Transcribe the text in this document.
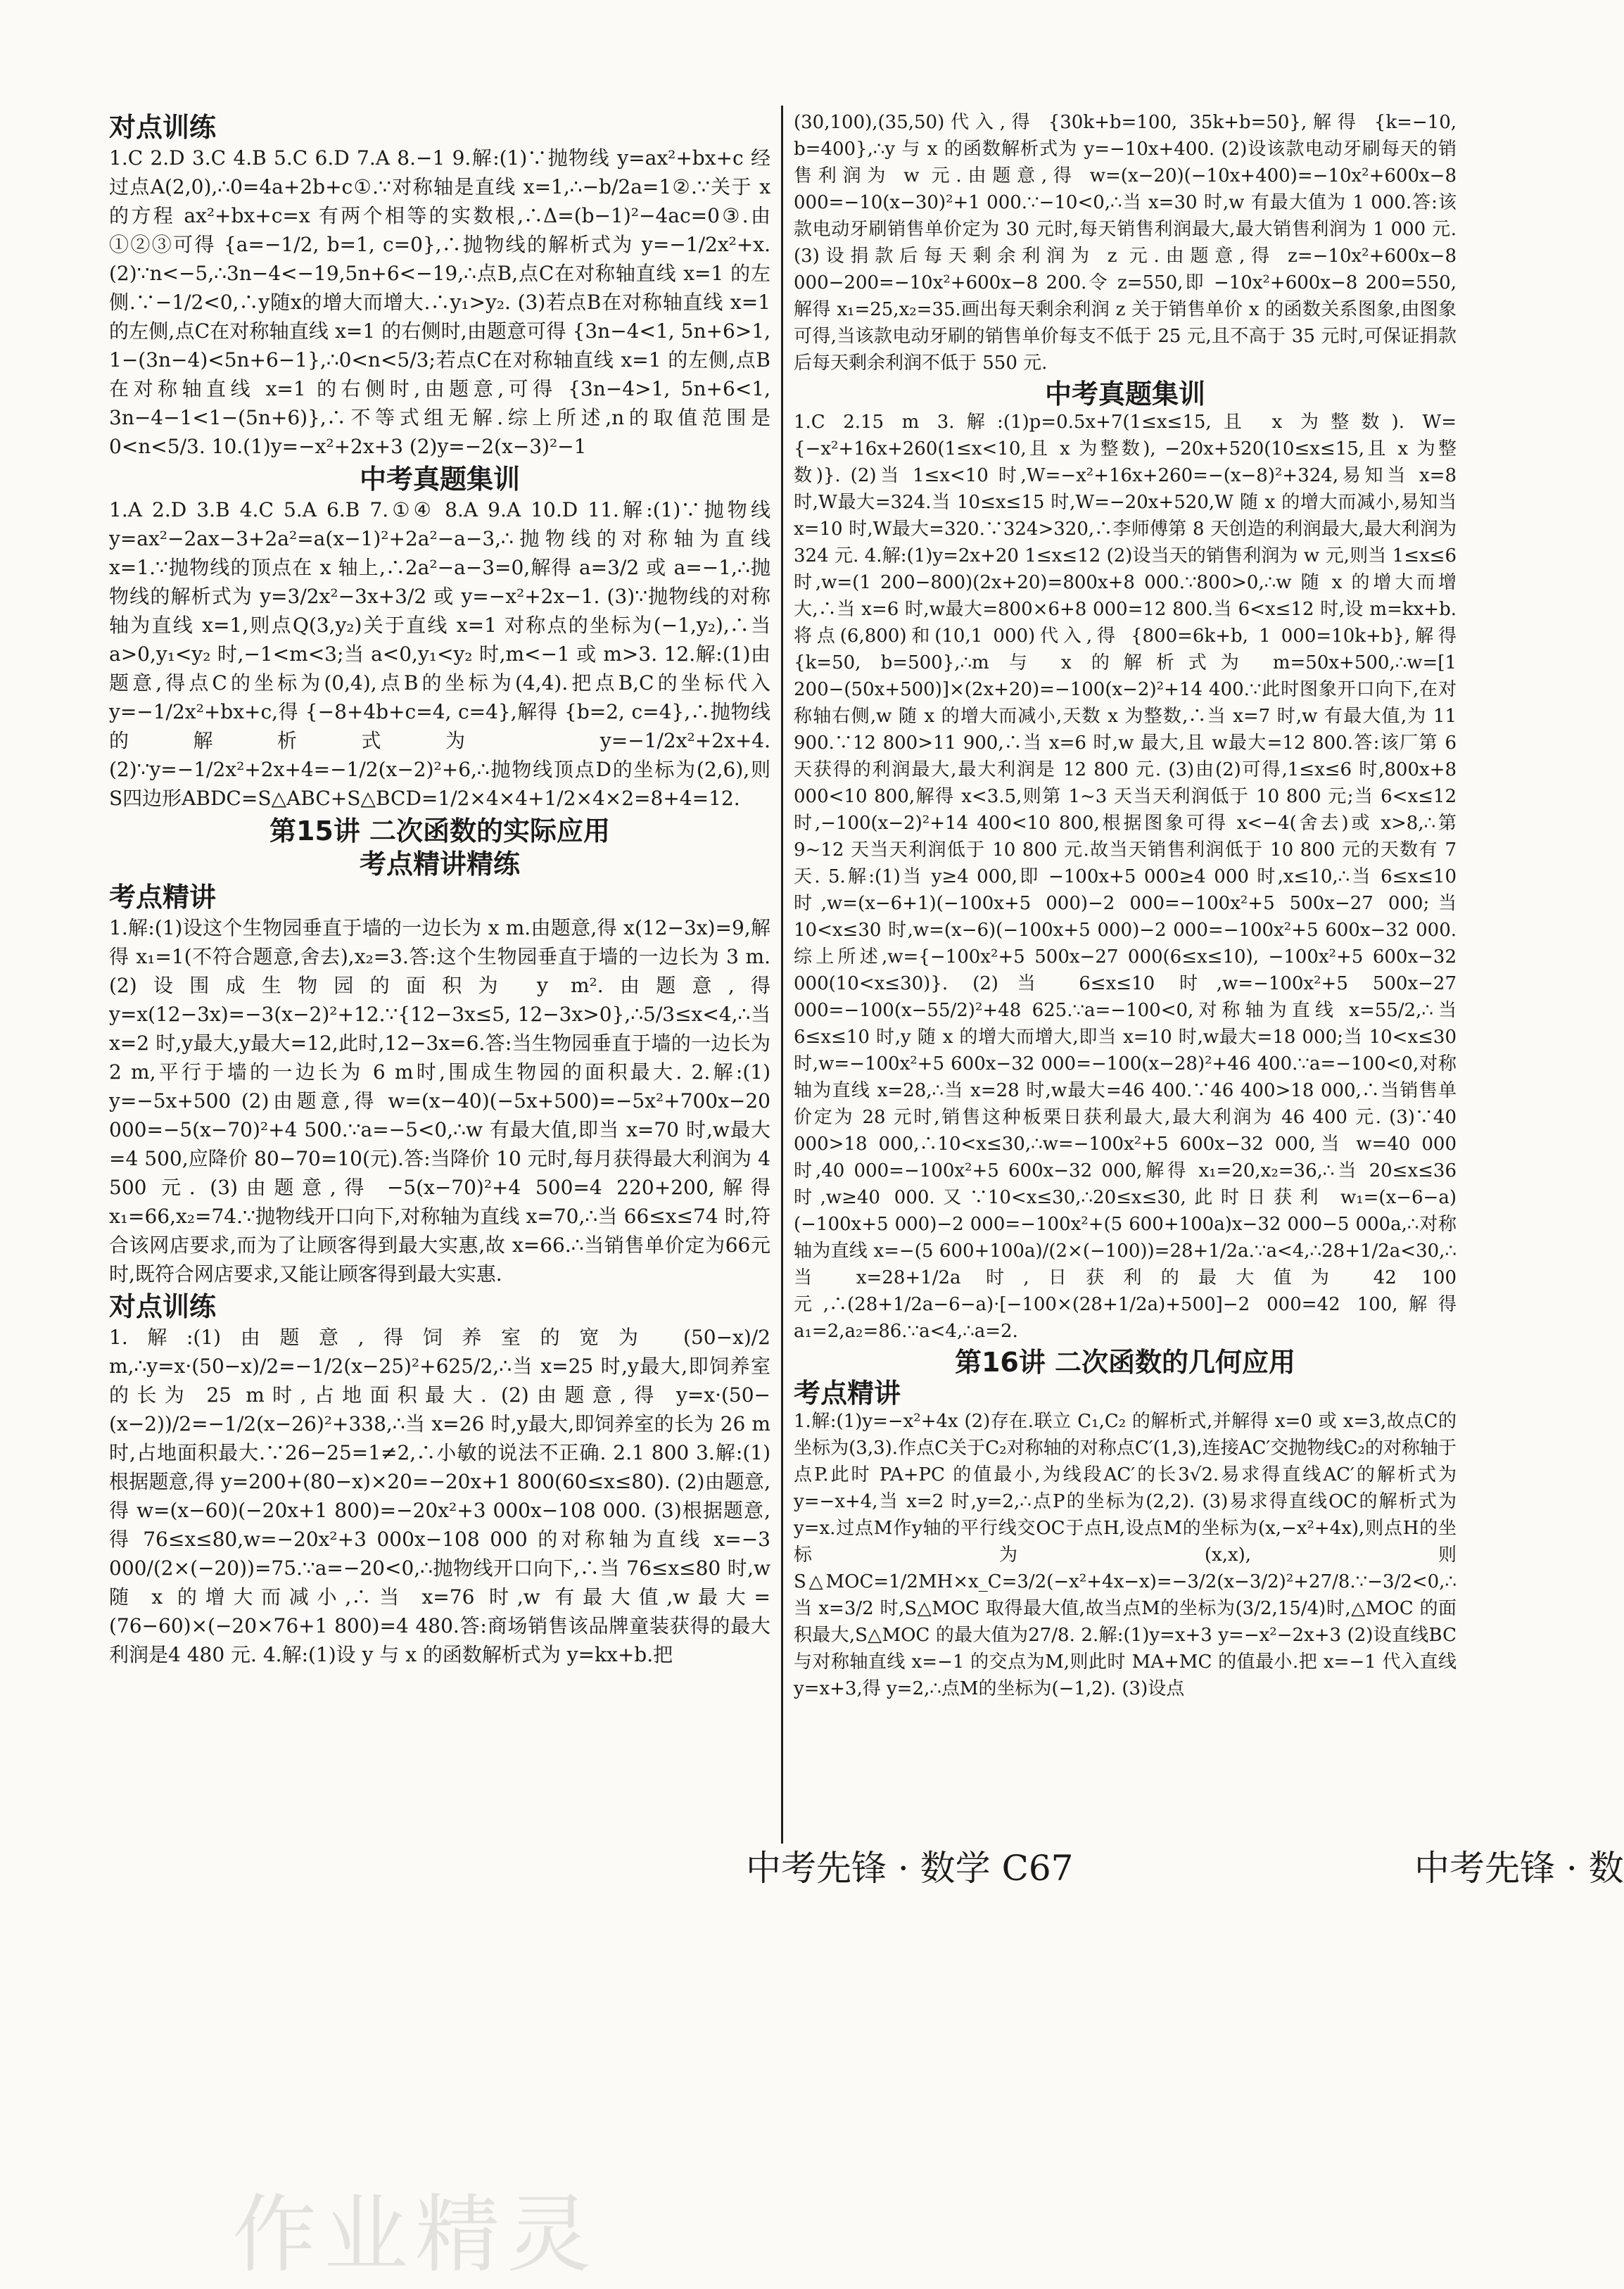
对点训练

1.C 2.D 3.C 4.B 5.C 6.D 7.A 8.−1 9.解:(1)∵抛物线 y=ax²+bx+c 经过点A(2,0),∴0=4a+2b+c①.∵对称轴是直线 x=1,∴−b/2a=1②.∵关于 x 的方程 ax²+bx+c=x 有两个相等的实数根,∴Δ=(b−1)²−4ac=0③.由①②③可得 {a=−1/2, b=1, c=0},∴抛物线的解析式为 y=−1/2x²+x. (2)∵n<−5,∴3n−4<−19,5n+6<−19,∴点B,点C在对称轴直线 x=1 的左侧.∵−1/2<0,∴y随x的增大而增大.∴y₁>y₂. (3)若点B在对称轴直线 x=1 的左侧,点C在对称轴直线 x=1 的右侧时,由题意可得 {3n−4<1, 5n+6>1, 1−(3n−4)<5n+6−1},∴0<n<5/3;若点C在对称轴直线 x=1 的左侧,点B在对称轴直线 x=1 的右侧时,由题意,可得 {3n−4>1, 5n+6<1, 3n−4−1<1−(5n+6)},∴不等式组无解.综上所述,n的取值范围是0<n<5/3. 10.(1)y=−x²+2x+3 (2)y=−2(x−3)²−1

中考真题集训

1.A 2.D 3.B 4.C 5.A 6.B 7.①④ 8.A 9.A 10.D 11.解:(1)∵抛物线 y=ax²−2ax−3+2a²=a(x−1)²+2a²−a−3,∴抛物线的对称轴为直线 x=1.∵抛物线的顶点在 x 轴上,∴2a²−a−3=0,解得 a=3/2 或 a=−1,∴抛物线的解析式为 y=3/2x²−3x+3/2 或 y=−x²+2x−1. (3)∵抛物线的对称轴为直线 x=1,则点Q(3,y₂)关于直线 x=1 对称点的坐标为(−1,y₂),∴当 a>0,y₁<y₂ 时,−1<m<3;当 a<0,y₁<y₂ 时,m<−1 或 m>3. 12.解:(1)由题意,得点C的坐标为(0,4),点B的坐标为(4,4).把点B,C的坐标代入 y=−1/2x²+bx+c,得 {−8+4b+c=4, c=4},解得 {b=2, c=4},∴抛物线的解析式为 y=−1/2x²+2x+4. (2)∵y=−1/2x²+2x+4=−1/2(x−2)²+6,∴抛物线顶点D的坐标为(2,6),则 S四边形ABDC=S△ABC+S△BCD=1/2×4×4+1/2×4×2=8+4=12.

第15讲 二次函数的实际应用
考点精讲精练
考点精讲

1.解:(1)设这个生物园垂直于墙的一边长为 x m.由题意,得 x(12−3x)=9,解得 x₁=1(不符合题意,舍去),x₂=3.答:这个生物园垂直于墙的一边长为 3 m. (2)设围成生物园的面积为 y m².由题意,得 y=x(12−3x)=−3(x−2)²+12.∵{12−3x≤5, 12−3x>0},∴5/3≤x<4,∴当 x=2 时,y最大,y最大=12,此时,12−3x=6.答:当生物园垂直于墙的一边长为 2 m,平行于墙的一边长为 6 m时,围成生物园的面积最大. 2.解:(1) y=−5x+500 (2)由题意,得 w=(x−40)(−5x+500)=−5x²+700x−20 000=−5(x−70)²+4 500.∵a=−5<0,∴w 有最大值,即当 x=70 时,w最大=4 500,应降价 80−70=10(元).答:当降价 10 元时,每月获得最大利润为 4 500 元. (3)由题意,得 −5(x−70)²+4 500=4 220+200,解得 x₁=66,x₂=74.∵抛物线开口向下,对称轴为直线 x=70,∴当 66≤x≤74 时,符合该网店要求,而为了让顾客得到最大实惠,故 x=66.∴当销售单价定为66元时,既符合网店要求,又能让顾客得到最大实惠.

对点训练

1.解:(1)由题意,得饲养室的宽为 (50−x)/2 m,∴y=x·(50−x)/2=−1/2(x−25)²+625/2,∴当 x=25 时,y最大,即饲养室的长为 25 m时,占地面积最大. (2)由题意,得 y=x·(50−(x−2))/2=−1/2(x−26)²+338,∴当 x=26 时,y最大,即饲养室的长为 26 m时,占地面积最大.∵26−25=1≠2,∴小敏的说法不正确. 2.1 800 3.解:(1)根据题意,得 y=200+(80−x)×20=−20x+1 800(60≤x≤80). (2)由题意,得 w=(x−60)(−20x+1 800)=−20x²+3 000x−108 000. (3)根据题意,得 76≤x≤80,w=−20x²+3 000x−108 000 的对称轴为直线 x=−3 000/(2×(−20))=75.∵a=−20<0,∴抛物线开口向下,∴当 76≤x≤80 时,w 随 x 的增大而减小,∴当 x=76 时,w 有最大值,w最大=(76−60)×(−20×76+1 800)=4 480.答:商场销售该品牌童装获得的最大利润是4 480 元. 4.解:(1)设 y 与 x 的函数解析式为 y=kx+b.把

(30,100),(35,50)代入,得 {30k+b=100, 35k+b=50},解得 {k=−10, b=400},∴y 与 x 的函数解析式为 y=−10x+400. (2)设该款电动牙刷每天的销售利润为 w 元.由题意,得 w=(x−20)(−10x+400)=−10x²+600x−8 000=−10(x−30)²+1 000.∵−10<0,∴当 x=30 时,w 有最大值为 1 000.答:该款电动牙刷销售单价定为 30 元时,每天销售利润最大,最大销售利润为 1 000 元. (3)设捐款后每天剩余利润为 z 元.由题意,得 z=−10x²+600x−8 000−200=−10x²+600x−8 200.令 z=550,即 −10x²+600x−8 200=550,解得 x₁=25,x₂=35.画出每天剩余利润 z 关于销售单价 x 的函数关系图象,由图象可得,当该款电动牙刷的销售单价每支不低于 25 元,且不高于 35 元时,可保证捐款后每天剩余利润不低于 550 元.

中考真题集训

1.C 2.15 m 3.解:(1)p=0.5x+7(1≤x≤15,且 x 为整数). W={−x²+16x+260(1≤x<10,且 x 为整数), −20x+520(10≤x≤15,且 x 为整数)}. (2)当 1≤x<10 时,W=−x²+16x+260=−(x−8)²+324,易知当 x=8 时,W最大=324.当 10≤x≤15 时,W=−20x+520,W 随 x 的增大而减小,易知当 x=10 时,W最大=320.∵324>320,∴李师傅第 8 天创造的利润最大,最大利润为 324 元. 4.解:(1)y=2x+20 1≤x≤12 (2)设当天的销售利润为 w 元,则当 1≤x≤6 时,w=(1 200−800)(2x+20)=800x+8 000.∵800>0,∴w 随 x 的增大而增大,∴当 x=6 时,w最大=800×6+8 000=12 800.当 6<x≤12 时,设 m=kx+b.将点(6,800)和(10,1 000)代入,得 {800=6k+b, 1 000=10k+b},解得 {k=50, b=500},∴m 与 x 的解析式为 m=50x+500,∴w=[1 200−(50x+500)]×(2x+20)=−100(x−2)²+14 400.∵此时图象开口向下,在对称轴右侧,w 随 x 的增大而减小,天数 x 为整数,∴当 x=7 时,w 有最大值,为 11 900.∵12 800>11 900,∴当 x=6 时,w 最大,且 w最大=12 800.答:该厂第 6 天获得的利润最大,最大利润是 12 800 元. (3)由(2)可得,1≤x≤6 时,800x+8 000<10 800,解得 x<3.5,则第 1~3 天当天利润低于 10 800 元;当 6<x≤12 时,−100(x−2)²+14 400<10 800,根据图象可得 x<−4(舍去)或 x>8,∴第 9~12 天当天利润低于 10 800 元.故当天销售利润低于 10 800 元的天数有 7 天. 5.解:(1)当 y≥4 000,即 −100x+5 000≥4 000 时,x≤10,∴当 6≤x≤10 时,w=(x−6+1)(−100x+5 000)−2 000=−100x²+5 500x−27 000;当 10<x≤30 时,w=(x−6)(−100x+5 000)−2 000=−100x²+5 600x−32 000.综上所述,w={−100x²+5 500x−27 000(6≤x≤10), −100x²+5 600x−32 000(10<x≤30)}. (2)当 6≤x≤10 时,w=−100x²+5 500x−27 000=−100(x−55/2)²+48 625.∵a=−100<0,对称轴为直线 x=55/2,∴当 6≤x≤10 时,y 随 x 的增大而增大,即当 x=10 时,w最大=18 000;当 10<x≤30 时,w=−100x²+5 600x−32 000=−100(x−28)²+46 400.∵a=−100<0,对称轴为直线 x=28,∴当 x=28 时,w最大=46 400.∵46 400>18 000,∴当销售单价定为 28 元时,销售这种板栗日获利最大,最大利润为 46 400 元. (3)∵40 000>18 000,∴10<x≤30,∴w=−100x²+5 600x−32 000,当 w=40 000 时,40 000=−100x²+5 600x−32 000,解得 x₁=20,x₂=36,∴当 20≤x≤36 时,w≥40 000.又∵10<x≤30,∴20≤x≤30,此时日获利 w₁=(x−6−a)(−100x+5 000)−2 000=−100x²+(5 600+100a)x−32 000−5 000a,∴对称轴为直线 x=−(5 600+100a)/(2×(−100))=28+1/2a.∵a<4,∴28+1/2a<30,∴当 x=28+1/2a 时,日获利的最大值为 42 100 元,∴(28+1/2a−6−a)·[−100×(28+1/2a)+500]−2 000=42 100,解得 a₁=2,a₂=86.∵a<4,∴a=2.

第16讲 二次函数的几何应用
考点精讲

1.解:(1)y=−x²+4x (2)存在.联立 C₁,C₂ 的解析式,并解得 x=0 或 x=3,故点C的坐标为(3,3).作点C关于C₂对称轴的对称点C′(1,3),连接AC′交抛物线C₂的对称轴于点P.此时 PA+PC 的值最小,为线段AC′的长3√2.易求得直线AC′的解析式为 y=−x+4,当 x=2 时,y=2,∴点P的坐标为(2,2). (3)易求得直线OC的解析式为 y=x.过点M作y轴的平行线交OC于点H,设点M的坐标为(x,−x²+4x),则点H的坐标为(x,x),则 S△MOC=1/2MH×x_C=3/2(−x²+4x−x)=−3/2(x−3/2)²+27/8.∵−3/2<0,∴当 x=3/2 时,S△MOC 取得最大值,故当点M的坐标为(3/2,15/4)时,△MOC 的面积最大,S△MOC 的最大值为27/8. 2.解:(1)y=x+3 y=−x²−2x+3 (2)设直线BC与对称轴直线 x=−1 的交点为M,则此时 MA+MC 的值最小.把 x=−1 代入直线 y=x+3,得 y=2,∴点M的坐标为(−1,2). (3)设点

中考先锋 · 数学 C67	中考先锋 · 数
作业精灵
